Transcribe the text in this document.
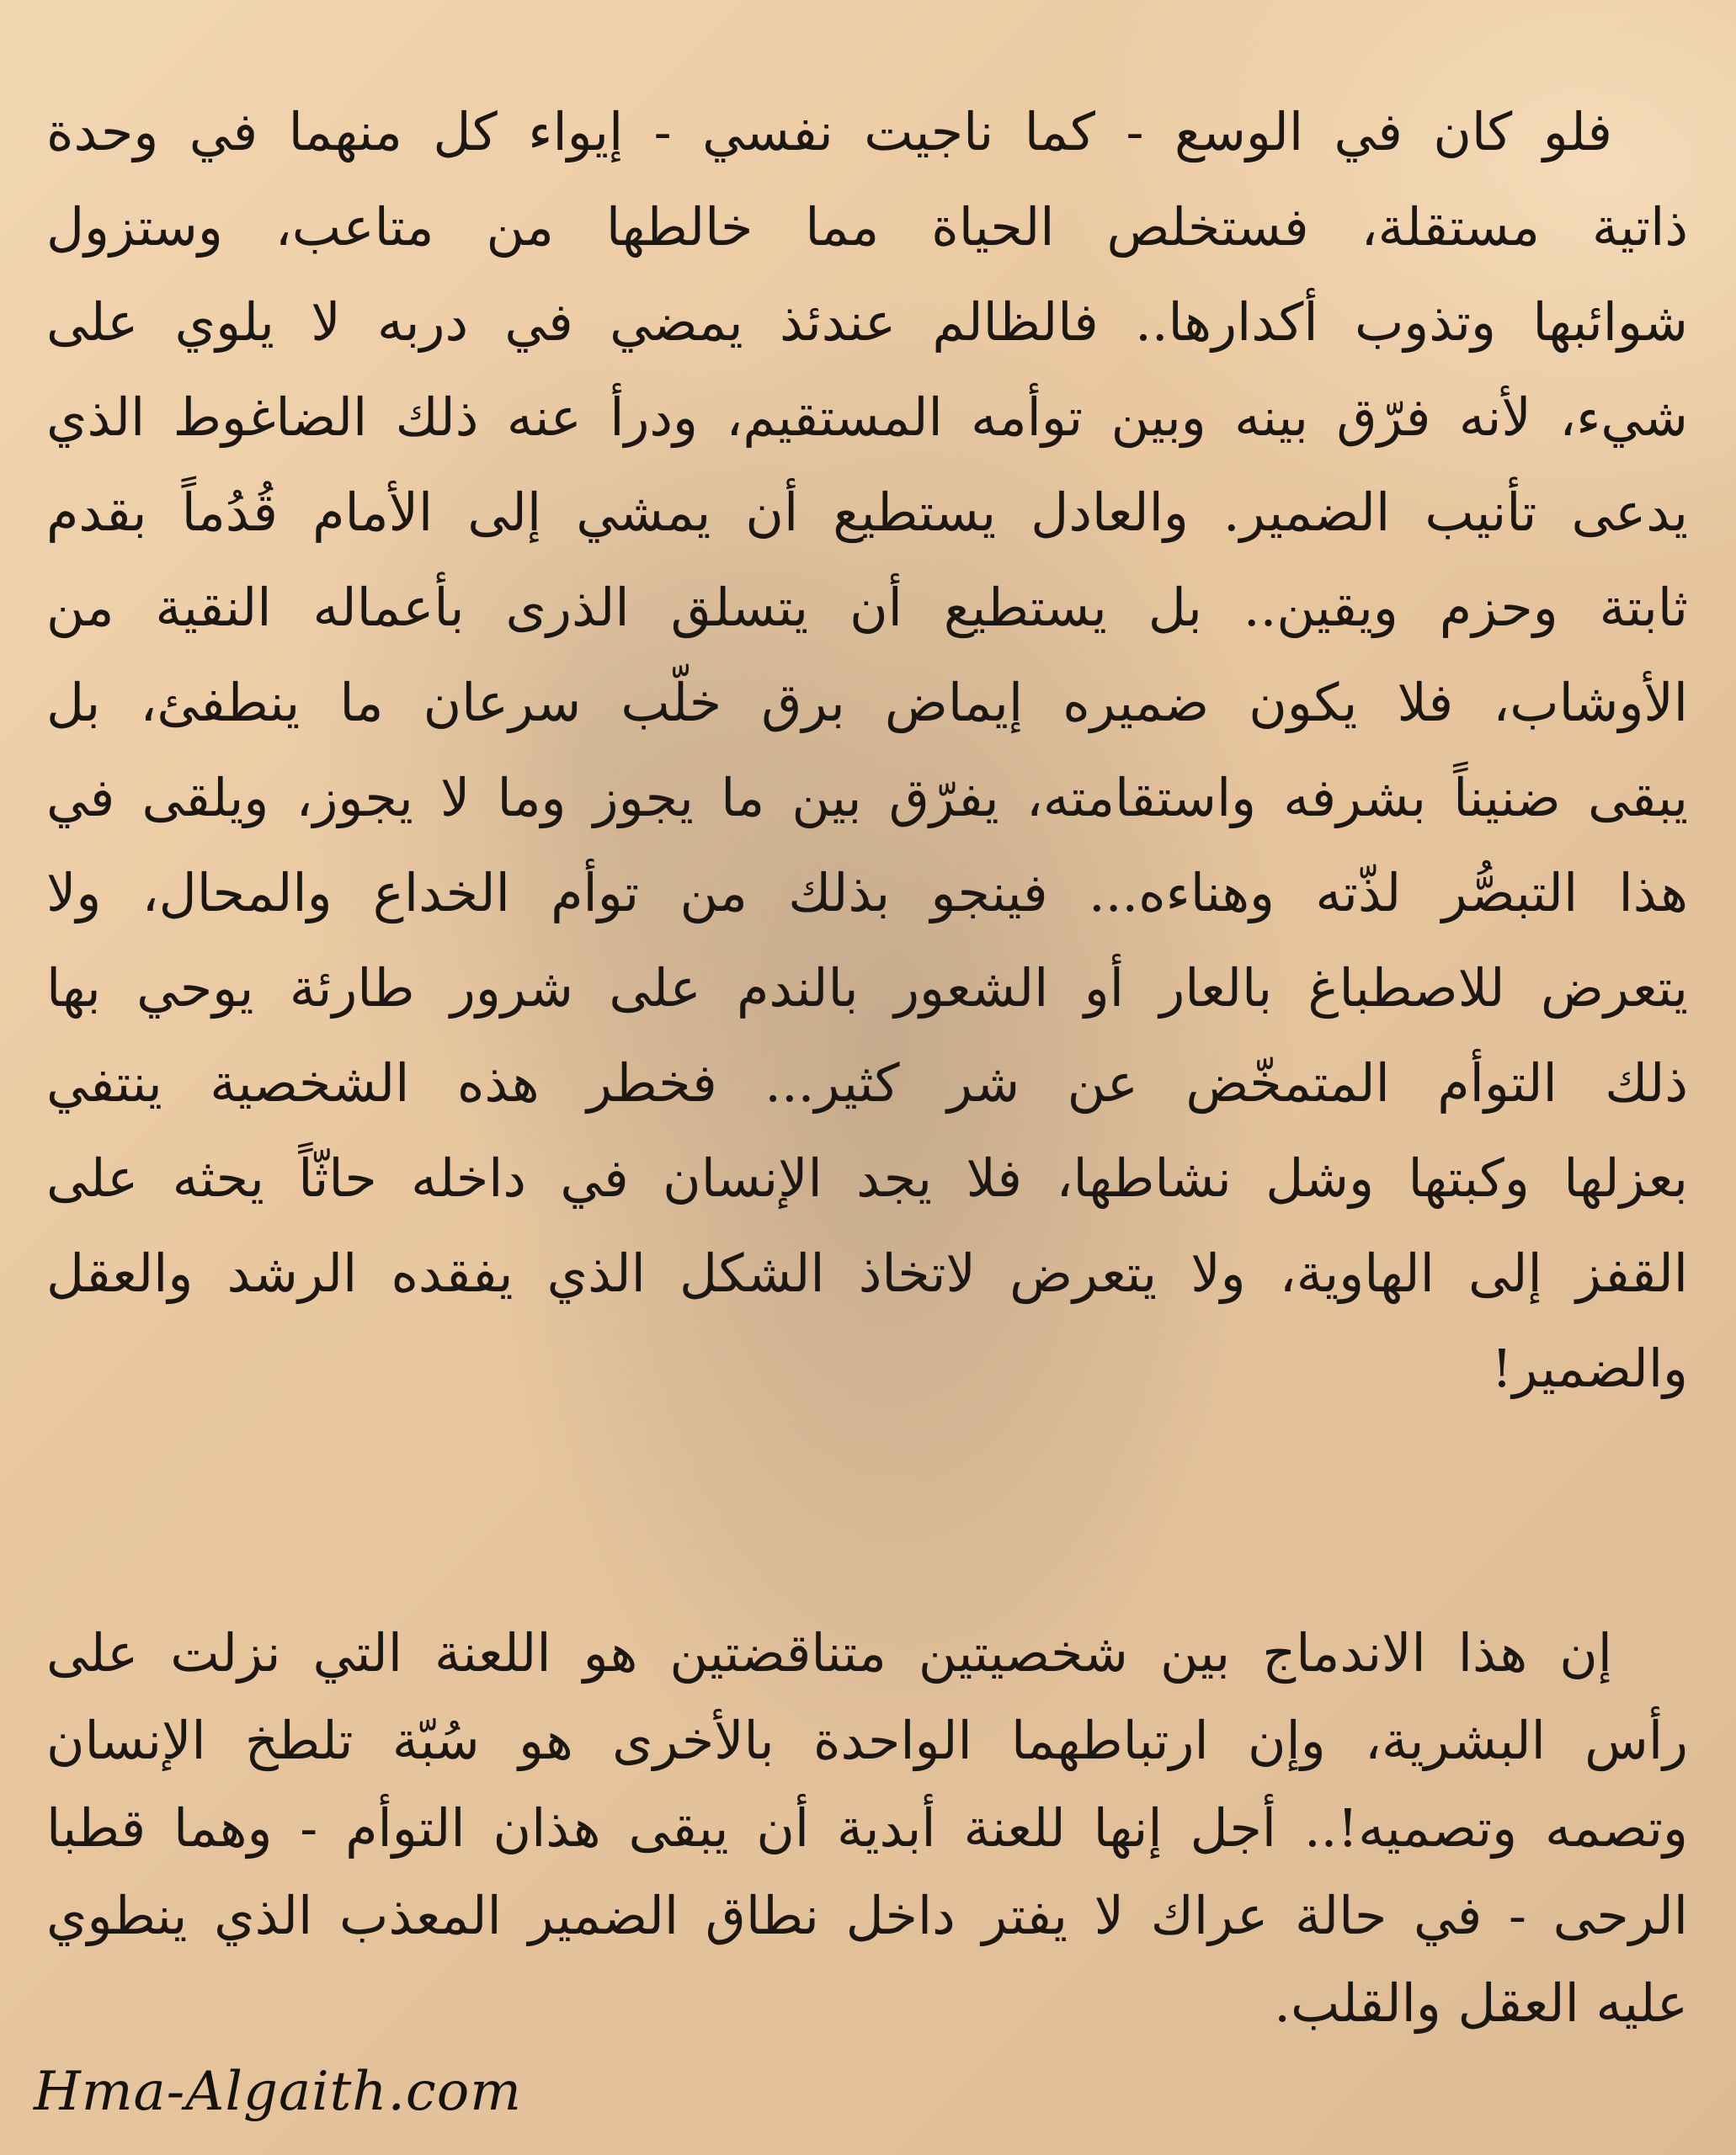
فلو كان في الوسع - كما ناجيت نفسي - إيواء كل منهما في وحدة
ذاتية مستقلة، فستخلص الحياة مما خالطها من متاعب، وستزول
شوائبها وتذوب أكدارها.. فالظالم عندئذ يمضي في دربه لا يلوي على
شيء، لأنه فرّق بينه وبين توأمه المستقيم، ودرأ عنه ذلك الضاغوط الذي
يدعى تأنيب الضمير. والعادل يستطيع أن يمشي إلى الأمام قُدُماً بقدم
ثابتة وحزم ويقين.. بل يستطيع أن يتسلق الذرى بأعماله النقية من
الأوشاب، فلا يكون ضميره إيماض برق خلّب سرعان ما ينطفئ، بل
يبقى ضنيناً بشرفه واستقامته، يفرّق بين ما يجوز وما لا يجوز، ويلقى في
هذا التبصُّر لذّته وهناءه... فينجو بذلك من توأم الخداع والمحال، ولا
يتعرض للاصطباغ بالعار أو الشعور بالندم على شرور طارئة يوحي بها
ذلك التوأم المتمخّض عن شر كثير... فخطر هذه الشخصية ينتفي
بعزلها وكبتها وشل نشاطها، فلا يجد الإنسان في داخله حاثّاً يحثه على
القفز إلى الهاوية، ولا يتعرض لاتخاذ الشكل الذي يفقده الرشد والعقل
والضمير!
إن هذا الاندماج بين شخصيتين متناقضتين هو اللعنة التي نزلت على
رأس البشرية، وإن ارتباطهما الواحدة بالأخرى هو سُبّة تلطخ الإنسان
وتصمه وتصميه!.. أجل إنها للعنة أبدية أن يبقى هذان التوأم - وهما قطبا
الرحى - في حالة عراك لا يفتر داخل نطاق الضمير المعذب الذي ينطوي
عليه العقل والقلب.
Hma-Algaith.com
